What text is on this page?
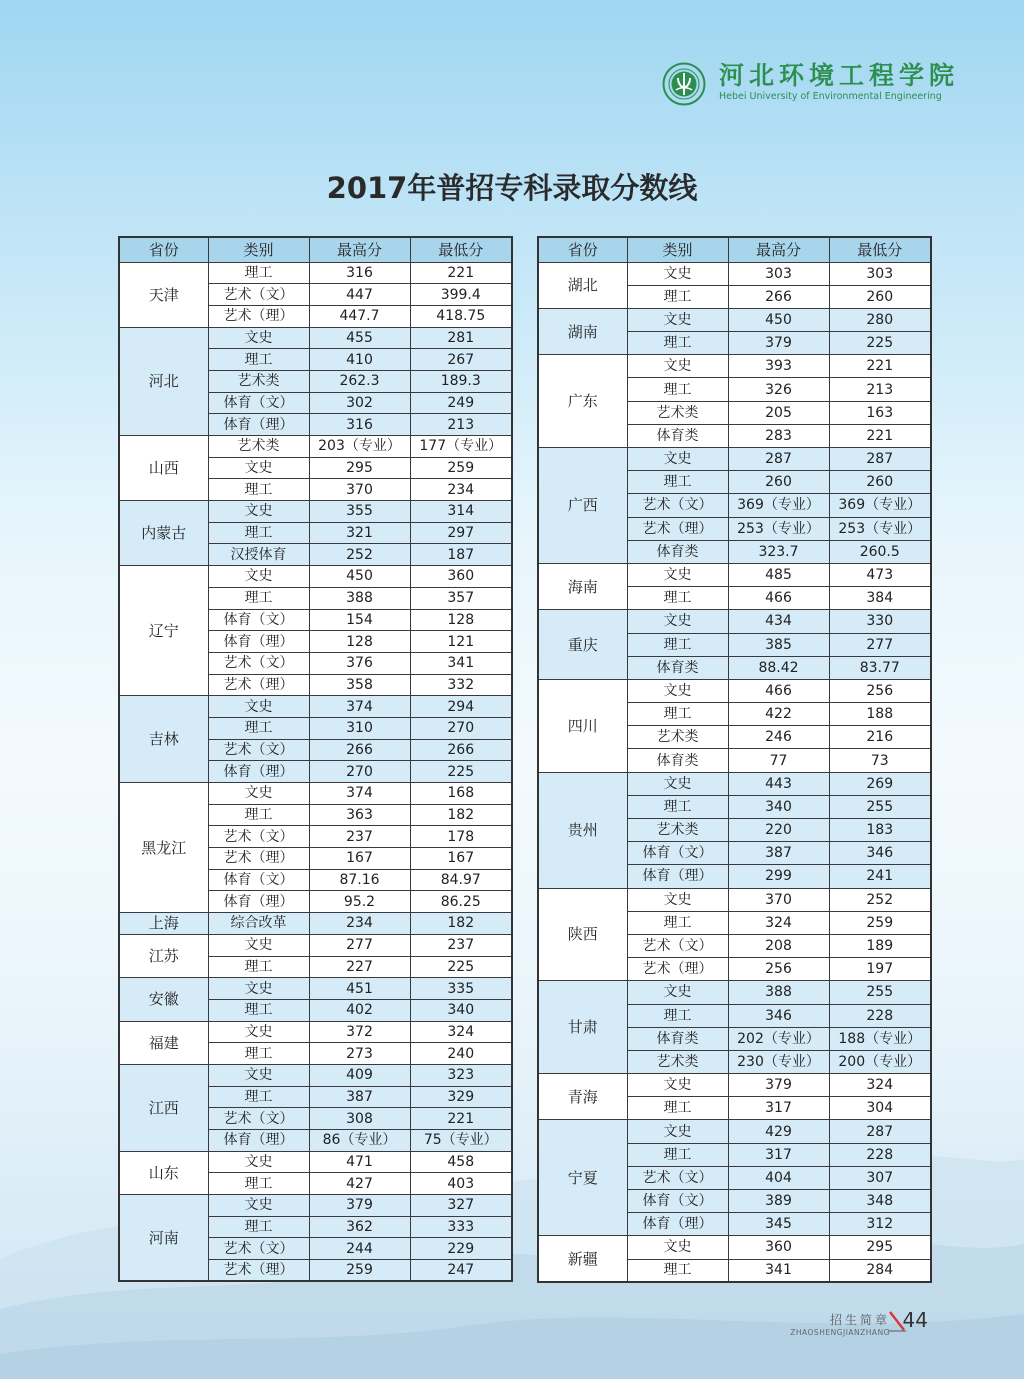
河北环境工程学院
Hebei University of Environmental Engineering
2017年普招专科录取分数线
省份	类别	最高分	最低分
天津	理工	316	221
	艺术（文）	447	399.4
	艺术（理）	447.7	418.75
河北	文史	455	281
	理工	410	267
	艺术类	262.3	189.3
	体育（文）	302	249
	体育（理）	316	213
山西	艺术类	203（专业）	177（专业）
	文史	295	259
	理工	370	234
内蒙古	文史	355	314
	理工	321	297
	汉授体育	252	187
辽宁	文史	450	360
	理工	388	357
	体育（文）	154	128
	体育（理）	128	121
	艺术（文）	376	341
	艺术（理）	358	332
吉林	文史	374	294
	理工	310	270
	艺术（文）	266	266
	体育（理）	270	225
黑龙江	文史	374	168
	理工	363	182
	艺术（文）	237	178
	艺术（理）	167	167
	体育（文）	87.16	84.97
	体育（理）	95.2	86.25
上海	综合改革	234	182
江苏	文史	277	237
	理工	227	225
安徽	文史	451	335
	理工	402	340
福建	文史	372	324
	理工	273	240
江西	文史	409	323
	理工	387	329
	艺术（文）	308	221
	体育（理）	86（专业）	75（专业）
山东	文史	471	458
	理工	427	403
河南	文史	379	327
	理工	362	333
	艺术（文）	244	229
	艺术（理）	259	247
省份	类别	最高分	最低分
湖北	文史	303	303
	理工	266	260
湖南	文史	450	280
	理工	379	225
广东	文史	393	221
	理工	326	213
	艺术类	205	163
	体育类	283	221
广西	文史	287	287
	理工	260	260
	艺术（文）	369（专业）	369（专业）
	艺术（理）	253（专业）	253（专业）
	体育类	323.7	260.5
海南	文史	485	473
	理工	466	384
重庆	文史	434	330
	理工	385	277
	体育类	88.42	83.77
四川	文史	466	256
	理工	422	188
	艺术类	246	216
	体育类	77	73
贵州	文史	443	269
	理工	340	255
	艺术类	220	183
	体育（文）	387	346
	体育（理）	299	241
陕西	文史	370	252
	理工	324	259
	艺术（文）	208	189
	艺术（理）	256	197
甘肃	文史	388	255
	理工	346	228
	体育类	202（专业）	188（专业）
	艺术类	230（专业）	200（专业）
青海	文史	379	324
	理工	317	304
宁夏	文史	429	287
	理工	317	228
	艺术（文）	404	307
	体育（文）	389	348
	体育（理）	345	312
新疆	文史	360	295
	理工	341	284
招生简章
ZHAOSHENGJIANZHANG
44
